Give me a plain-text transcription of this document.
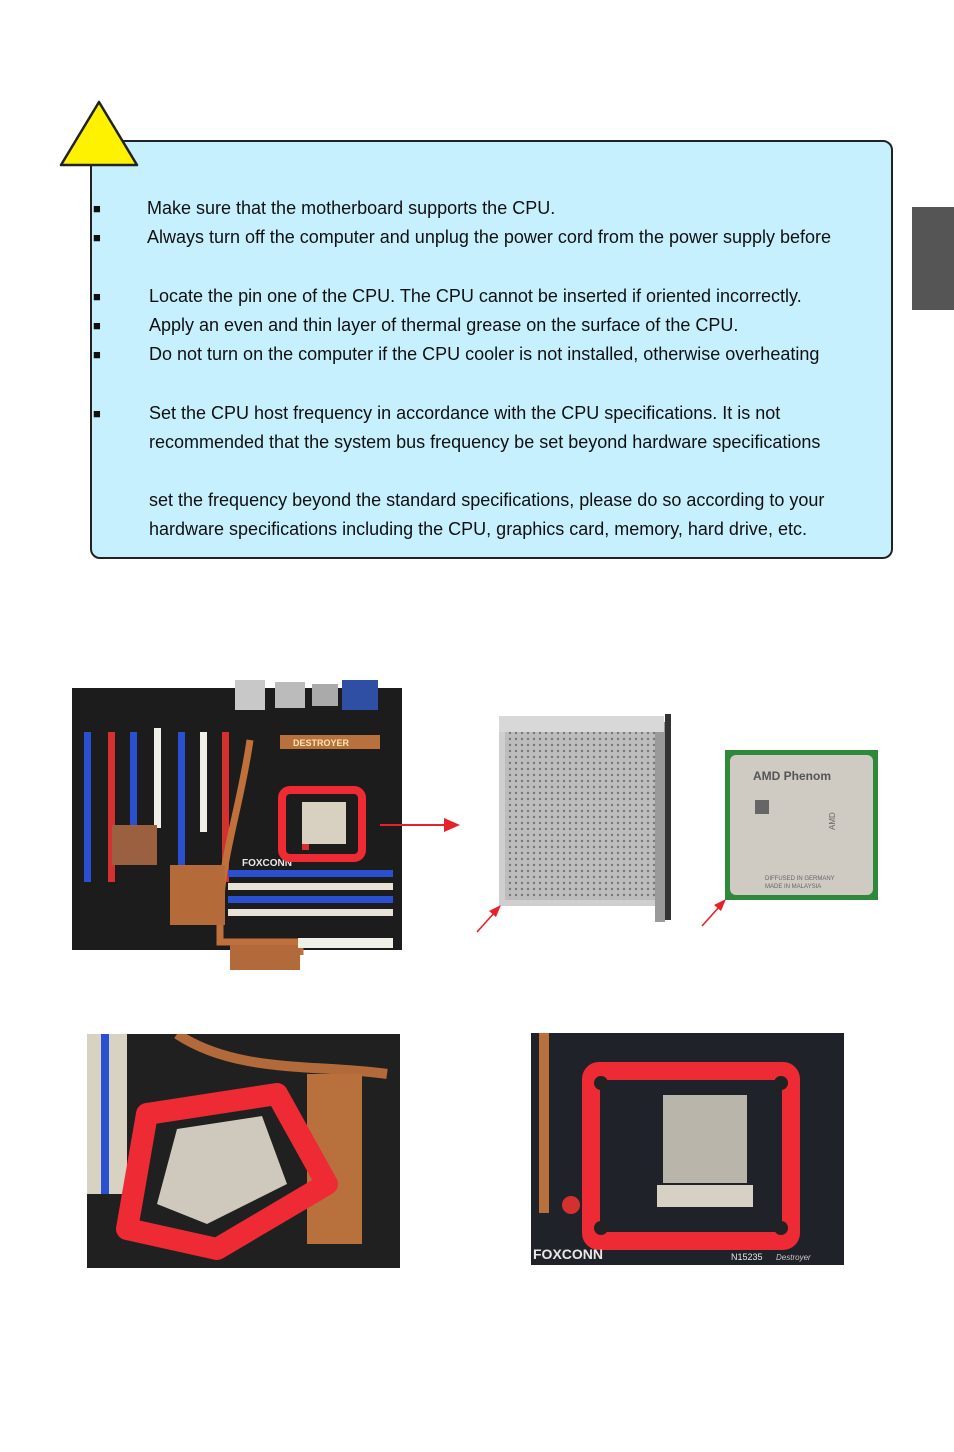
■
■
■
■
■
■
Make sure that the motherboard supports the CPU.
Always turn off the computer and unplug the power cord from the power supply before
Locate the pin one of the CPU. The CPU cannot be inserted if oriented incorrectly.
Apply an even and thin layer of thermal grease on the surface of the CPU.
Do not turn on the computer if the CPU cooler is not installed, otherwise overheating
Set the CPU host frequency in accordance with the CPU specifications. It is not
recommended that the system bus frequency be set beyond hardware specifications
set the frequency beyond the standard specifications, please do so according to your
hardware specifications including the CPU, graphics card, memory, hard drive, etc.
DESTROYER
FOXCONN
AMD Phenom
DIFFUSED IN GERMANY
MADE IN MALAYSIA
AMD
FOXCONN	N15235 Destroyer
